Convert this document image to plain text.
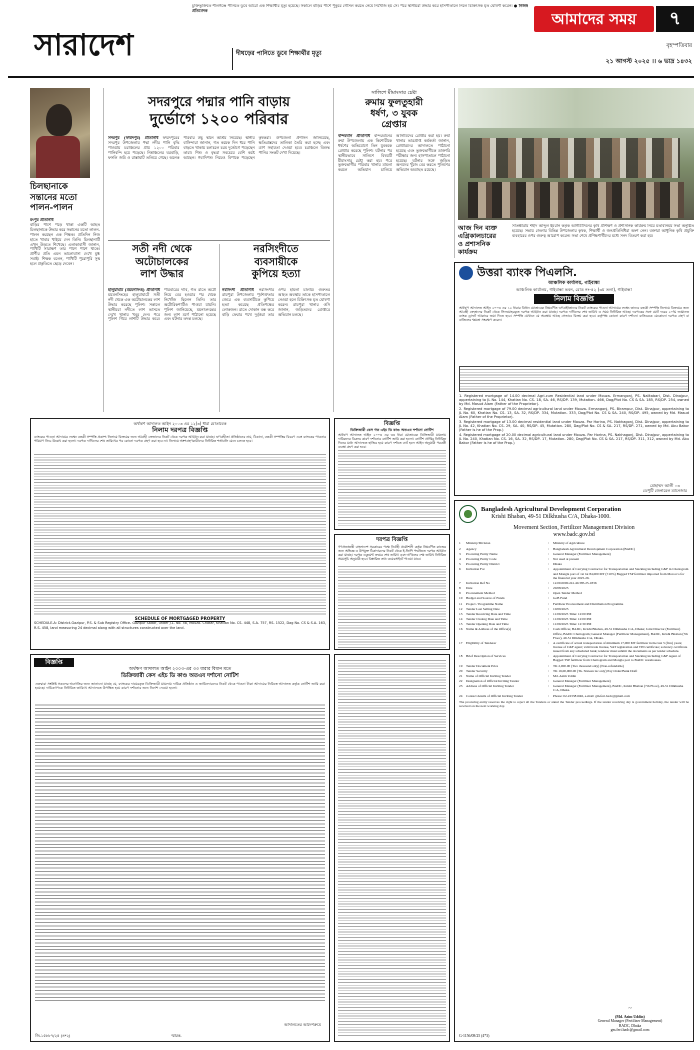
চুক্তিভুক্তিতে শীলগঞ্জে পানিতে ডুবে আরো এক শিক্ষার্থীর মৃত্যু হয়েছে। সকালে বাড়ির পাশে পুকুরে গোসল করতে নেমে নিখোঁজ হয় সে। পরে স্থানীয়রা উদ্ধার করে হাসপাতালে নিলে চিকিৎসক মৃত ঘোষণা করেন। ● নিজস্ব প্রতিবেদক	আমাদের সময় ৭
বৃহস্পতিবার
২১ আগস্ট ২০২৫ ।। ৬ ভাদ্র ১৪৩২
সারাদেশ	দীঘড়ের পানিতে ডুবে শিক্ষার্থীর মৃত্যু
চিলছানাকে
সন্তানের মতো
পালন-পালন
রংপুর প্রতিনিধি
বাড়ির পাশে পড়ে থাকা একটি আহত চিলছানাকে উদ্ধার করে সন্তানের মতো লালন-পালন করছেন এক শিক্ষক। প্রতিদিন নিজ হাতে খাবার খাইয়ে দেন তিনি। চিলছানাটি এখন উড়তে শিখেছে। এলাকাবাসী জানান, পাখিটি সারাক্ষণ তার পাশে পাশে থাকে। প্রাণীর প্রতি এমন ভালোবাসা দেখে মুগ্ধ সবাই। শিক্ষক বলেন, পাখিটি পুরোপুরি সুস্থ হলে প্রকৃতিতে ছেড়ে দেবেন।
সদরপুরে পদ্মার পানি বাড়ায়
দুর্ভোগে ১২০০ পরিবার
সদরপুর (ফরিদপুর) প্রতিনিধি ফরিদপুরের সদরপুর উপজেলায় পদ্মা নদীর পানি বৃদ্ধি পাওয়ায় চরাঞ্চলের প্রায় ১২০০ পরিবার পানিবন্দি হয়ে পড়েছে। নিম্নাঞ্চলের ঘরবাড়ি, ফসলি জমি ও রাস্তাঘাট তলিয়ে গেছে। অনেক পরিবার উঁচু স্থানে আশ্রয় নিয়েছে। স্থানীয় বাসিন্দারা জানান, গত কয়েক দিন ধরে পানি বাড়তে থাকায় চলাচলে চরম দুর্ভোগে পড়েছেন তারা। শিশু ও বৃদ্ধরা সবচেয়ে বেশি কষ্টে আছেন। গবাদিপশু নিয়েও বিপাকে পড়েছেন কৃষকরা। উপজেলা প্রশাসন জানিয়েছে, ক্ষতিগ্রস্তদের তালিকা তৈরি করা হচ্ছে এবং ত্রাণ সহায়তা দেওয়া হবে। চরাঞ্চলে বিশুদ্ধ পানির সংকট দেখা দিয়েছে।
সালিশে মীমাংসার চেষ্টা
রুমায় ফুলতুহারী
ধর্ষণ, ৩ যুবক
গ্রেপ্তার
বান্দরবান প্রতিনিধি বান্দরবানের রুমা উপজেলায় এক কিশোরীকে ধর্ষণের অভিযোগে তিন যুবককে গ্রেপ্তার করেছে পুলিশ। ঘটনার পর স্থানীয়ভাবে সালিশে বিষয়টি মীমাংসার চেষ্টা করা হয়। পরে ভুক্তভোগীর পরিবার থানায় মামলা করলে অভিযান চালিয়ে আসামিদের গ্রেপ্তার করা হয়। রুমা থানার ভারপ্রাপ্ত কর্মকর্তা জানান, গ্রেপ্তারদের আদালতে পাঠানো হয়েছে এবং ভুক্তভোগীকে ডাক্তারি পরীক্ষার জন্য হাসপাতালে পাঠানো হয়েছে। ঘটনার সঙ্গে জড়িত অন্যদের খুঁজে বের করতে পুলিশের অভিযান অব্যাহত রয়েছে।
আজ দিন ব্যক্ত
এগ্রিকালচারের
ও প্রশাসনিক
কার্যক্রম
সাতক্ষীরায় শহীদ আব্দুল ইমরান কর্তৃক আগামীদিনের কৃষি প্রশিক্ষণ ও প্রশাসনিক কার্যক্রম নিয়ে মতবিনিময় সভা অনুষ্ঠিত হয়েছে। সভায় জেলার বিভিন্ন উপজেলার কৃষক, শিক্ষার্থী ও জনপ্রতিনিধিরা অংশ নেন। বক্তারা আধুনিক কৃষি প্রযুক্তি ব্যবহারের ওপর গুরুত্ব আরোপ করেন। সভা শেষে প্রশিক্ষণার্থীদের মধ্যে সনদ বিতরণ করা হয়।
সতী নদী থেকে
অটোচালকের
লাশ উদ্ধার
হালুয়াঘাট (ময়মনসিংহ) প্রতিনিধি ময়মনসিংহের হালুয়াঘাটে সতী নদী থেকে এক অটোচালকের লাশ উদ্ধার করেছে পুলিশ। সকালে স্থানীয়রা নদীতে লাশ ভাসতে দেখে থানায় খবর দেন। পরে পুলিশ গিয়ে লাশটি উদ্ধার করে। পরিবারের দাবি, গত রাতে অটো নিয়ে বের হওয়ার পর থেকে নিখোঁজ ছিলেন তিনি। তার অটোরিকশাটিও পাওয়া যায়নি। পুলিশ জানিয়েছে, ময়নাতদন্তের জন্য লাশ মর্গে পাঠানো হয়েছে এবং ঘটনার তদন্ত চলছে।
নরসিংদীতে
ব্যবসায়ীকে
কুপিয়ে হত্যা
নরসিংদী প্রতিনিধি নরসিংদীর রায়পুরা উপজেলায় পূর্বশত্রুতার জেরে এক ব্যবসায়ীকে কুপিয়ে হত্যা করেছে প্রতিপক্ষের লোকজন। রাতে দোকান বন্ধ করে বাড়ি ফেরার পথে দুর্বৃত্তরা তার ওপর হামলা চালায়। গুরুতর আহত অবস্থায় তাকে হাসপাতালে নেওয়া হলে চিকিৎসক মৃত ঘোষণা করেন। রায়পুরা থানার ওসি জানান, জড়িতদের গ্রেপ্তারে অভিযান চলছে।
উত্তরা ব্যাংক পিএলসি.
আঞ্চলিক কার্যালয়, গাইবান্ধা
আঞ্চলিক কার্যালয়, গাইবান্ধা ভবন, রোড নং-৫২ (৩য় তলা), গাইবান্ধা
নিলাম বিজ্ঞপ্তি
অর্থঋণ আদালত আইন ২০০৩ এর ১২ ধারার বিধান মোতাবেক নিম্নবর্ণিত ঋণগ্রহীতাদের নিকট ব্যাংকের পাওনা আদায়ের লক্ষ্যে তাদের বন্ধকী সম্পত্তি নিলামে বিক্রয়ের জন্য আগ্রহী ক্রেতাদের নিকট থেকে সিলমোহরকৃত দরপত্র আহ্বান করা যাচ্ছে। দরপত্র দাখিলের শেষ তারিখ ও সময় নির্ধারিত আছে। দরপত্রের সঙ্গে মোট দরের ২০% জামানত ব্যাংক ড্রাফট আকারে জমা দিতে হবে। সম্পত্তি যেখানে যে অবস্থায় আছে সেভাবে বিক্রয় করা হবে। কর্তৃপক্ষ কোনো কারণ দর্শানো ব্যতিরেকে যেকোনো দরপত্র গ্রহণ বা বাতিলের ক্ষমতা সংরক্ষণ করেন।
1. Registered mortgage of 14.00 decimal Agri-cum Residential land under Mouza- Ermangonj, PS- Nalitabari, Dist- Dinajpur, appertaining to JL No. 144, Khatian No. CS- 18, SA- 46, RS/DP- 139, Mutation- 466, Dag/Plot No. CS & SA- 185, RS/DP- 254, owned by Md. Masud Alam (Father of the Proprietor).
2. Registered mortgage of 79.00 decimal agricultural land under Mouza- Ermangonj, PS- Birampur, Dist- Dinajpur, appertaining to JL No. 60, Khatian No. CS- 13, SA- 32, RS/DP- 334, Mutation- 333, Dag/Plot No. CS & SA- 240, RS/DP- 495, owned by Md. Masud Alam (Father of the Proprietor).
3. Registered mortgage of 13.00 decimal residential land under Mouza- Par Horina, PS- Nakhagonj, Dist- Dinajpur, appertaining to JL No. 42, Khatian No. CS- 29, SA- 40, RS/DP- 45, Mutation- 280, Dag/Plot No. CS & SA- 217, RS/DP- 271, owned by Md. Abu Bakor (Father is he of the Prop.)
4. Registered mortgage of 20.00 decimal agricultural land under Mouza- Par Horina, PS- Nakhagonj, Dist- Dinajpur, appertaining to JL No. 240, Khatian No. CS- 16, SA- 32, RS/DP- 17, Mutation- 280, Dag/Plot No. CS & SA- 217, RS/DP- 311, 312, owned by Md. Abu Bakor (Father is he of the Prop.)
মোহাম্মদ আলী ০৩
ডেপুটি জেনারেল ম্যানেজার
অর্থঋণ আদালত আইন ২০০৩ এর ১২(৩) ধারা মোতাবেক
নিলাম দরপত্র বিজ্ঞপ্তি
ব্যাংকের পাওনা আদায়ের লক্ষ্যে বন্ধকী সম্পত্তি প্রকাশ্য নিলামে বিক্রয়ের জন্য আগ্রহী ক্রেতাদের নিকট থেকে দরপত্র আহ্বান করা যাচ্ছে। ঋণগ্রহীতা প্রতিষ্ঠানের নাম, ঠিকানা, বন্ধকী সম্পত্তির বিবরণ এবং ব্যাংকের পাওনার পরিমাণ নিচে উল্লেখ করা হলো। দরপত্র দাখিলের শেষ তারিখের পর কোনো দরপত্র গ্রহণ করা হবে না। নিলামে অংশগ্রহণকারীদের নির্ধারিত শর্তাবলি মেনে চলতে হবে।
SCHEDULE OF MORTGAGED PROPERTY
SCHEDULE-A: District-Gazipur, P.S. & Sub Registry Office- Gazipur Sadar, under J.L. No. 58, Mouza- Chatar, Khatian No. CS- 448, S.A- 757, RS- 1522, Dag No. CS & S.A- 163, R.S- 458, land measuring 24 decimal along with all structures constructed over the land.
বিজ্ঞপ্তি
ডিক্রিজারী কেস গত এইচ ডি কাণ্ড অতএব দর্শানো নোটিশ
অর্থঋণ আদালত আইন ২০০৩ এর ৩৩ ধারা মোতাবেক ডিক্রিজারী মামলায় দায়িকদের বিরুদ্ধে কারণ দর্শানোর নোটিশ জারি করা হলো। নোটিশ প্রাপ্তির নির্ধারিত দিনের মধ্যে আদালতে হাজির হয়ে কারণ দর্শাতে ব্যর্থ হলে আইন অনুযায়ী পরবর্তী ব্যবস্থা গ্রহণ করা হবে।
দরপত্র বিজ্ঞপ্তি
গণপ্রজাতন্ত্রী বাংলাদেশ সরকারের পক্ষে নির্বাহী প্রকৌশলী কর্তৃক নিম্নবর্ণিত কাজের জন্য অভিজ্ঞ ও উপযুক্ত ঠিকাদারদের নিকট থেকে ই-জিপি পদ্ধতিতে দরপত্র আহ্বান করা যাচ্ছে। দরপত্র ডকুমেন্ট ক্রয়ের শেষ তারিখ এবং দাখিলের শেষ তারিখ নির্ধারিত সময়সূচি অনুযায়ী হবে। বিস্তারিত তথ্য ওয়েবসাইটে পাওয়া যাবে।
বিজ্ঞপ্তি
অর্থঋণ আদালত আইন ২০০৩-এর ৩৩ ধারার বিধান মতে
ডিক্রিজারী কেস এইচ ডি কাণ্ড অতএব দর্শানো নোটিশ
এতদ্বারা সংশ্লিষ্ট সকলের অবগতির জন্য জানানো যাচ্ছে যে, ব্যাংকের দায়েরকৃত ডিক্রিজারী মামলায় দায়িক প্রতিষ্ঠান ও জামিনদারদের নিকট থেকে পাওনা টাকা আদায়ের নিমিত্তে আদালত কর্তৃক নোটিশ জারি করা হয়েছে। দায়িকগণকে নির্ধারিত তারিখে আদালতে উপস্থিত হয়ে কারণ দর্শানোর জন্য নির্দেশ দেওয়া হলো।
আদালতের আদেশক্রমে
জি-১৫৮৮৭/২৫ (৪*২)	স্মারক-
Bangladesh Agricultural Development Corporation
Krishi Bhaban, 49-51 Dilkhusha C/A, Dhaka-1000.
Movement Section, Fertilizer Management Division
www.badc.gov.bd
1	Ministry/Division	:	Ministry of Agriculture
2	Agency	:	Bangladesh Agricultural Development Corporation (BADC)
3	Procuring Entity Name	:	General Manager (Fertilizer Management)
4	Procuring Entity Code	:	Not used at present
5	Procuring Entity District	:	Dhaka
6	Invitation For	:	Appointment of Carrying Contractor for Transportation and Stacking including C&F in Chattogram and Mongla port of 1st lot 84,000 MT (±10%) Bagged TSP fertilizer imported from Morocco for the financial year 2025-26.
7	Invitation Ref No	:	12.00.0000.241.40.385.25-1836
8	Date	:	20/08/2025
9	Procurement Method	:	Open Tender Method
10	Budget and Source of Funds	:	GoB Fund
11	Project / Programme Name	:	Fertilizer Procurement and Distribution Programme
12	Tender Last Selling Date	:	10/09/2025
13	Tender Receiving Date and Time	:	11/09/2025 Time: 12:00 PM
14	Tender Closing Date and Time	:	11/09/2025 Time: 12:00 PM
15	Tender Opening Date and Time	:	11/09/2025 Time: 12:30 PM
16	Name & Address of the Office(s)	:	Cash Officer, BADC, Krishi Bhaban, 49-51 Dilkhusha C/A, Dhaka; Joint Director (Fertilizer) Office, BADC Chattogram; General Manager (Fertilizer Management), BADC, Krishi Bhaban (7th Floor), 49-51 Dilkhusha C/A, Dhaka.
17	Eligibility of Tenderer	:	A certificate of actual transportation of minimum 17,000 MT fertilizer in the last 5 (five) years; license of C&F agent; valid trade license, VAT registration and TIN certificate; solvency certificate issued from any scheduled bank; tenderer must submit the documents as per tender schedule.
18	Brief Description of Services	:	Appointment of Carrying Contractor for Transportation and Stacking including C&F Agent of Bagged TSP fertilizer from Chattogram and Mongla port to BADC warehouses.
19	Tender Document Price	:	TK 2,000.00 (Two thousand only) (Non-refundable)
20	Tender Security	:	TK 16,00,000.00 (Tk. Sixteen lac only) Pay Order/Bank Draft
21	Name of Official Inviting Tender	:	Md. Azim Uddin
22	Designation of Official Inviting Tender	:	General Manager (Fertilizer Management)
23	Address of Official Inviting Tender	:	General Manager (Fertilizer Management), BADC, Krishi Bhaban (7th Floor), 49-51 Dilkhusha C/A, Dhaka.
24	Contact details of Official Inviting Tender	:	Phone: 02-223381046, e-mail: gm.fert.badc@gmail.com
The procuring entity reserves the right to reject all the Tenders or annul the Tender proceedings. If the tender receiving day is government holiday, the tender will be received on the next working day.
~
(Md. Azim Uddin)
General Manager (Fertilizer Management)
BADC, Dhaka
gm.fert.badc@gmail.com
G-1156/08/25 (4*3)
